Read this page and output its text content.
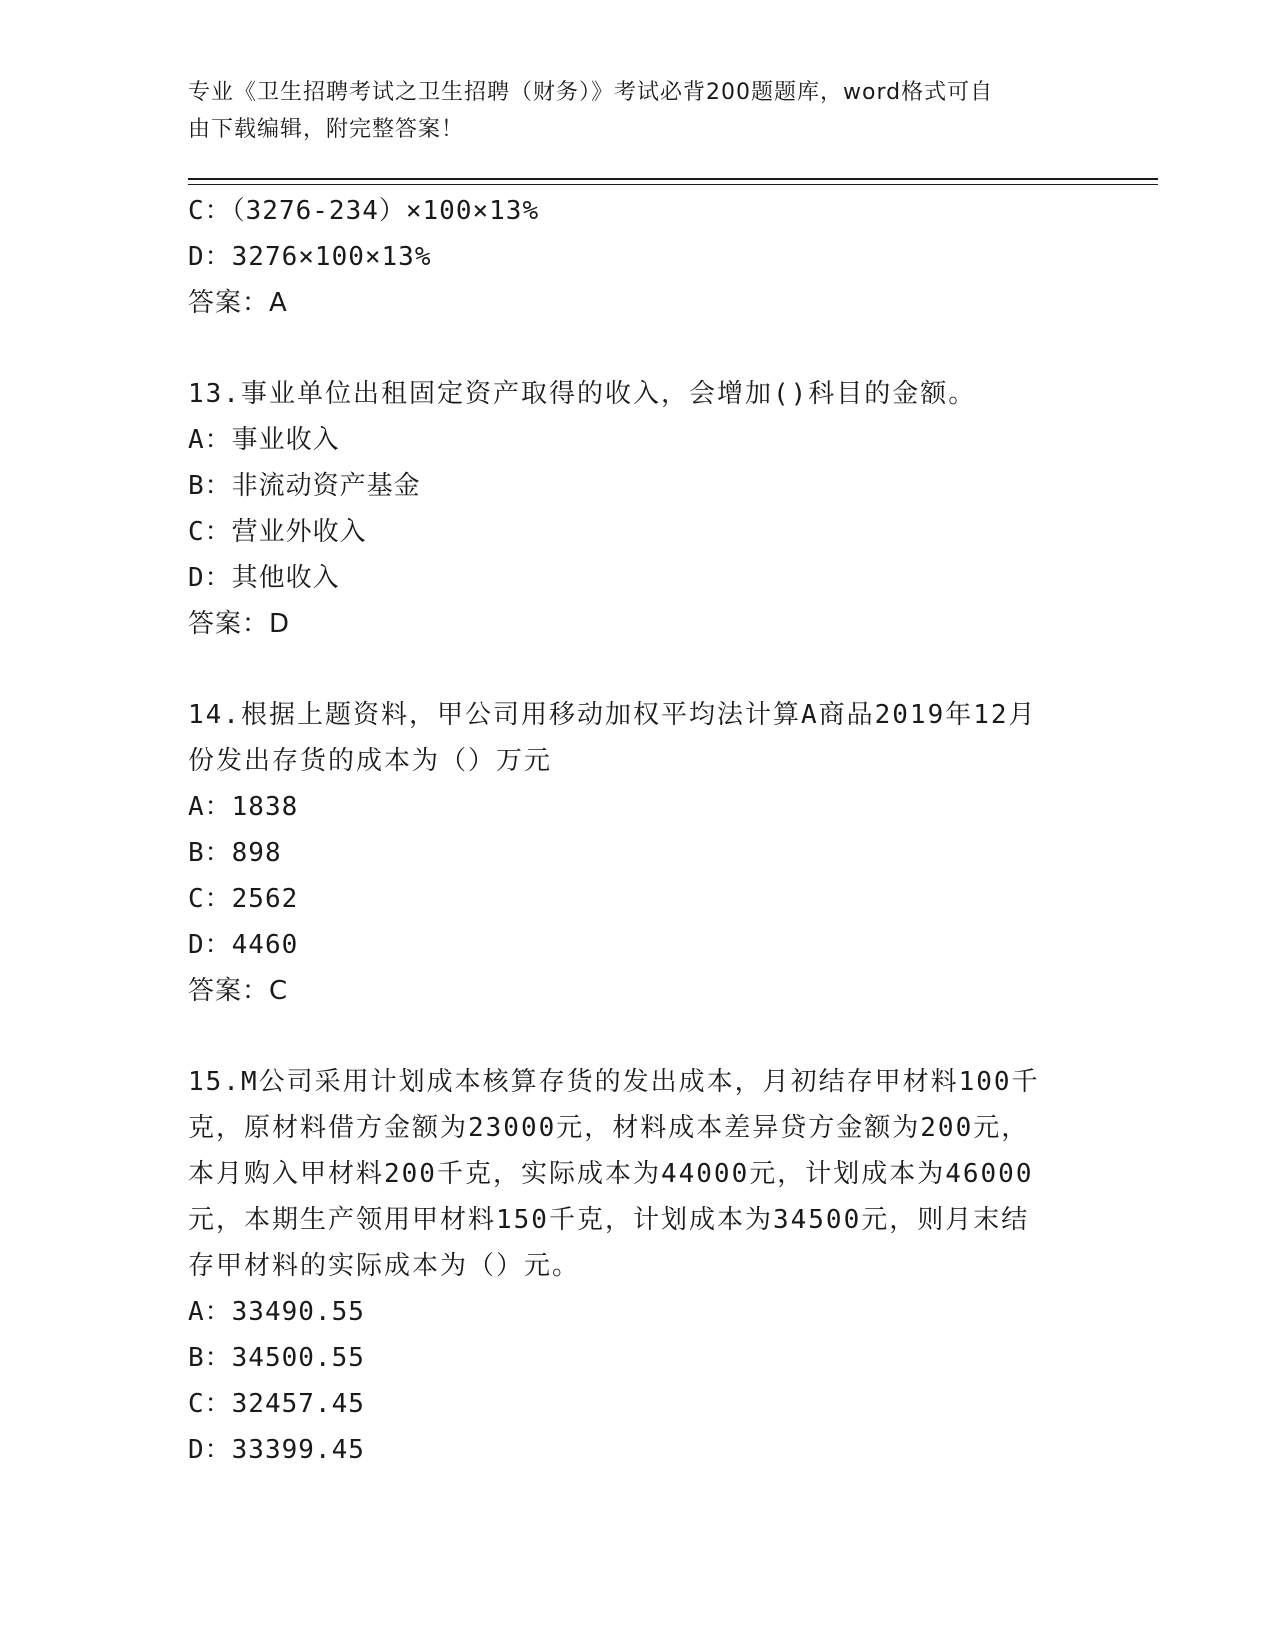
专业《卫生招聘考试之卫生招聘（财务）》考试必背200题题库，word格式可自
由下载编辑，附完整答案！
C：（3276-234）×100×13%
D：3276×100×13%
答案：A
13.事业单位出租固定资产取得的收入，会增加()科目的金额。
A：事业收入
B：非流动资产基金
C：营业外收入
D：其他收入
答案：D
14.根据上题资料，甲公司用移动加权平均法计算A商品2019年12月
份发出存货的成本为（）万元
A：1838
B：898
C：2562
D：4460
答案：C
15.M公司采用计划成本核算存货的发出成本，月初结存甲材料100千
克，原材料借方金额为23000元，材料成本差异贷方金额为200元，
本月购入甲材料200千克，实际成本为44000元，计划成本为46000
元，本期生产领用甲材料150千克，计划成本为34500元，则月末结
存甲材料的实际成本为（）元。
A：33490.55
B：34500.55
C：32457.45
D：33399.45
